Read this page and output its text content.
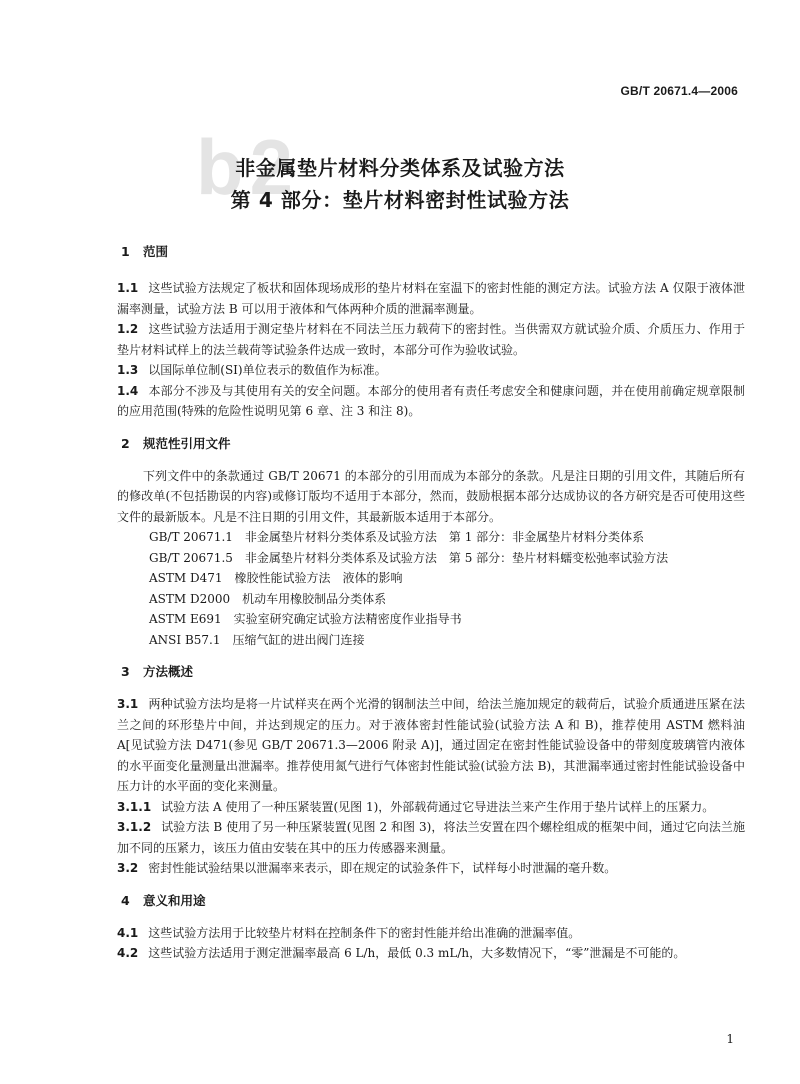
GB/T 20671.4—2006
b2
非金属垫片材料分类体系及试验方法
第 4 部分：垫片材料密封性试验方法
1 范围

1.1 这些试验方法规定了板状和固体现场成形的垫片材料在室温下的密封性能的测定方法。试验方法 A 仅限于液体泄漏率测量，试验方法 B 可以用于液体和气体两种介质的泄漏率测量。

1.2 这些试验方法适用于测定垫片材料在不同法兰压力载荷下的密封性。当供需双方就试验介质、介质压力、作用于垫片材料试样上的法兰载荷等试验条件达成一致时，本部分可作为验收试验。

1.3 以国际单位制(SI)单位表示的数值作为标准。

1.4 本部分不涉及与其使用有关的安全问题。本部分的使用者有责任考虑安全和健康问题，并在使用前确定规章限制的应用范围(特殊的危险性说明见第 6 章、注 3 和注 8)。

2 规范性引用文件

下列文件中的条款通过 GB/T 20671 的本部分的引用而成为本部分的条款。凡是注日期的引用文件，其随后所有的修改单(不包括勘误的内容)或修订版均不适用于本部分，然而，鼓励根据本部分达成协议的各方研究是否可使用这些文件的最新版本。凡是不注日期的引用文件，其最新版本适用于本部分。

GB/T 20671.1 非金属垫片材料分类体系及试验方法　第 1 部分：非金属垫片材料分类体系
GB/T 20671.5 非金属垫片材料分类体系及试验方法　第 5 部分：垫片材料蠕变松弛率试验方法
ASTM D471 橡胶性能试验方法　液体的影响
ASTM D2000 机动车用橡胶制品分类体系
ASTM E691 实验室研究确定试验方法精密度作业指导书
ANSI B57.1 压缩气缸的进出阀门连接
3 方法概述

3.1 两种试验方法均是将一片试样夹在两个光滑的钢制法兰中间，给法兰施加规定的载荷后，试验介质通进压紧在法兰之间的环形垫片中间，并达到规定的压力。对于液体密封性能试验(试验方法 A 和 B)，推荐使用 ASTM 燃料油 A[见试验方法 D471(参见 GB/T 20671.3—2006 附录 A)]，通过固定在密封性能试验设备中的带刻度玻璃管内液体的水平面变化量测量出泄漏率。推荐使用氮气进行气体密封性能试验(试验方法 B)，其泄漏率通过密封性能试验设备中压力计的水平面的变化来测量。

3.1.1 试验方法 A 使用了一种压紧装置(见图 1)，外部载荷通过它导进法兰来产生作用于垫片试样上的压紧力。

3.1.2 试验方法 B 使用了另一种压紧装置(见图 2 和图 3)，将法兰安置在四个螺栓组成的框架中间，通过它向法兰施加不同的压紧力，该压力值由安装在其中的压力传感器来测量。

3.2 密封性能试验结果以泄漏率来表示，即在规定的试验条件下，试样每小时泄漏的毫升数。

4 意义和用途

4.1 这些试验方法用于比较垫片材料在控制条件下的密封性能并给出准确的泄漏率值。

4.2 这些试验方法适用于测定泄漏率最高 6 L/h，最低 0.3 mL/h，大多数情况下，“零”泄漏是不可能的。

1
